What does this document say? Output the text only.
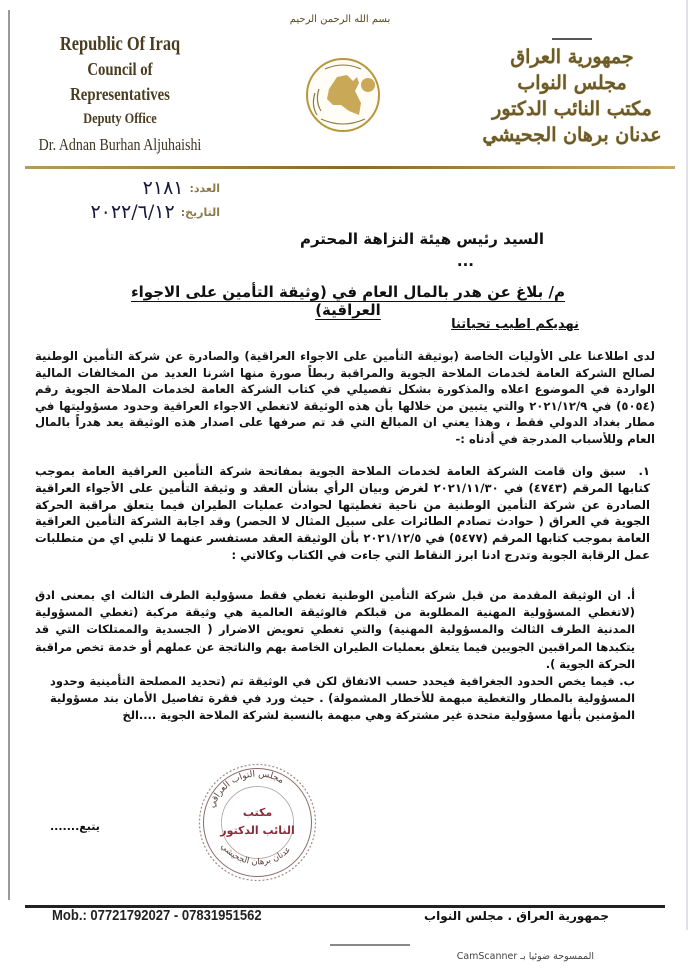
Republic Of Iraq
Council of Representatives
Deputy Office
Dr. Adnan Burhan Aljuhaishi
بسم الله الرحمن الرحيم
جمهورية العراق
مجلس النواب
مكتب النائب الدكتور
عدنان برهان الجحيشي
العدد:
٢١٨١
التاريخ:
٢٠٢٢/٦/١٢
السيد رئيس هيئة النزاهة المحترم
...
م/ بلاغ عن هدر بالمال العام في (وثيقة التأمين على الاجواء العراقية)
نهديكم اطيب تحياتنا

لدى اطلاعنا على الأوليات الخاصة (بوثيقة التأمين على الاجواء العراقية) والصادرة عن شركة التأمين الوطنية لصالح الشركة العامة لخدمات الملاحة الجوية والمراقبة ربطاً صورة منها اشرنا العديد من المخالفات المالية الواردة في الموضوع اعلاه والمذكورة بشكل تفصيلي في كتاب الشركة العامة لخدمات الملاحة الجوية رقم (٥٠٥٤) في ٢٠٢١/١٢/٩ والتي يتبين من خلالها بأن هذه الوثيقة لاتغطي الاجواء العراقية وحدود مسؤوليتها في مطار بغداد الدولي فقط ، وهذا يعني ان المبالغ التي قد تم صرفها على اصدار هذه الوثيقة يعد هدراً بالمال العام وللأسباب المدرجة في أدناه :-

١. سبق وان قامت الشركة العامة لخدمات الملاحة الجوية بمفاتحة شركة التأمين العراقية العامة بموجب كتابها المرقم (٤٧٤٣) في ٢٠٢١/١١/٣٠ لغرض وبيان الرأي بشأن العقد و وثيقة التأمين على الأجواء العراقية الصادرة عن شركة التأمين الوطنية من ناحية تغطيتها لحوادث عمليات الطيران فيما يتعلق مراقبة الحركة الجوية في العراق ( حوادث تصادم الطائرات على سبيل المثال لا الحصر) وقد اجابة الشركة التأمين العراقية العامة بموجب كتابها المرقم (٥٤٧٧) في ٢٠٢١/١٢/٥ بأن الوثيقة العقد مستفسر عنهما لا تلبي اي من متطلبات عمل الرقابة الجوية وتدرج ادنا ابرز النقاط التي جاءت في الكتاب وكالاتي :
أ. ان الوثيقة المقدمة من قبل شركة التأمين الوطنية تغطي فقط مسؤولية الطرف الثالث اي بمعنى ادق (لاتغطي المسؤولية المهنية المطلوبة من قبلكم فالوثيقة العالمية هي وثيقة مركبة (تغطي المسؤولية المدنية الطرف الثالث والمسؤولية المهنية) والتي تغطي تعويض الاضرار ( الجسدية والممتلكات التي قد يتكبدها المراقبين الجويين فيما يتعلق بعمليات الطيران الخاصة بهم والناتجة عن عملهم أو خدمة تخص مراقبة الحركة الجوية ).
ب. فيما يخص الحدود الجغرافية فيحدد حسب الاتفاق لكن في الوثيقة تم (تحديد المصلحة التأمينية وحدود المسؤولية بالمطار والتغطية مبهمة للأخطار المشمولة) . حيث ورد في فقرة تفاصيل الأمان بند مسؤولية المؤمنين بأنها مسؤولية متحدة غير مشتركة وهي مبهمة بالنسبة لشركة الملاحة الجوية ....الخ
مجلس النواب العراقي
عدنان برهان الجحيشي
مكتب
النائب الدكتور
يتبع.......
Mob.: 07721792027 - 07831951562	جمهورية العراق . مجلس النواب
الممسوحة ضوئيا بـ CamScanner
